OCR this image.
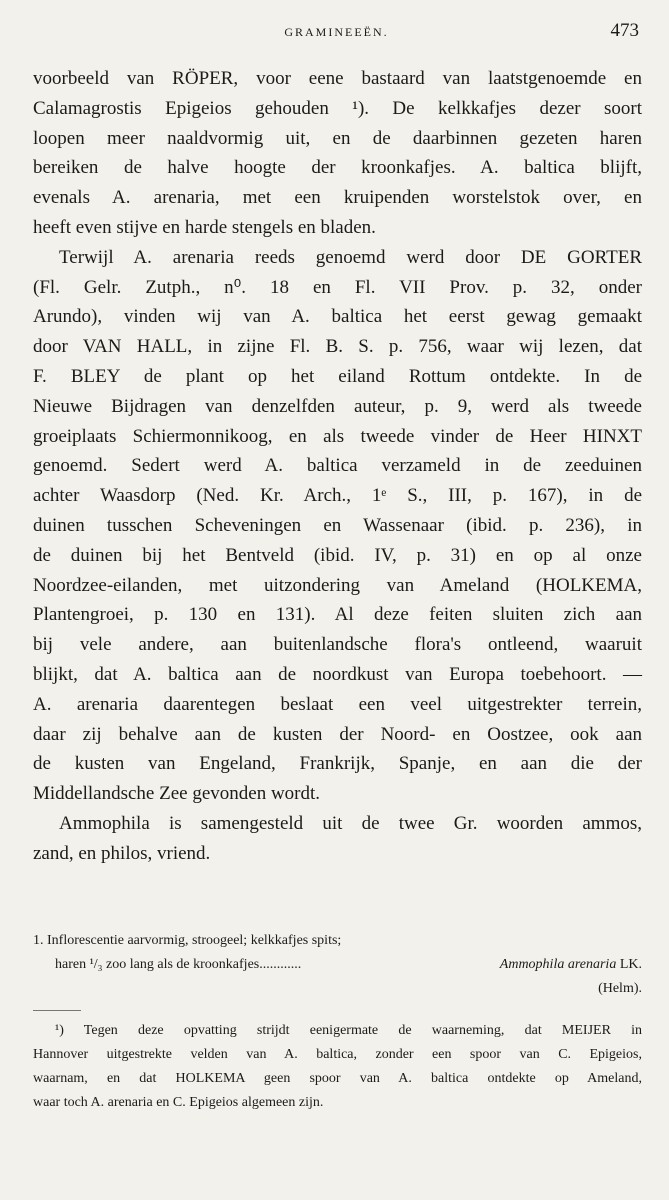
GRAMINEEËN.	473
voorbeeld van RÖPER, voor eene bastaard van laatstgenoemde en
Calamagrostis Epigeios gehouden ¹). De kelkkafjes dezer soort
loopen meer naaldvormig uit, en de daarbinnen gezeten haren
bereiken de halve hoogte der kroonkafjes. A. baltica blijft,
evenals A. arenaria, met een kruipenden worstelstok over, en
heeft even stijve en harde stengels en bladen.
Terwijl A. arenaria reeds genoemd werd door DE GORTER
(Fl. Gelr. Zutph., n⁰. 18 en Fl. VII Prov. p. 32, onder
Arundo), vinden wij van A. baltica het eerst gewag gemaakt
door VAN HALL, in zijne Fl. B. S. p. 756, waar wij lezen, dat
F. BLEY de plant op het eiland Rottum ontdekte. In de
Nieuwe Bijdragen van denzelfden auteur, p. 9, werd als tweede
groeiplaats Schiermonnikoog, en als tweede vinder de Heer HINXT
genoemd. Sedert werd A. baltica verzameld in de zeeduinen
achter Waasdorp (Ned. Kr. Arch., 1ᵉ S., III, p. 167), in de
duinen tusschen Scheveningen en Wassenaar (ibid. p. 236), in
de duinen bij het Bentveld (ibid. IV, p. 31) en op al onze
Noordzee-eilanden, met uitzondering van Ameland (HOLKEMA,
Plantengroei, p. 130 en 131). Al deze feiten sluiten zich aan
bij vele andere, aan buitenlandsche flora's ontleend, waaruit
blijkt, dat A. baltica aan de noordkust van Europa toebehoort. —
A. arenaria daarentegen beslaat een veel uitgestrekter terrein,
daar zij behalve aan de kusten der Noord- en Oostzee, ook aan
de kusten van Engeland, Frankrijk, Spanje, en aan die der
Middellandsche Zee gevonden wordt.
Ammophila is samengesteld uit de twee Gr. woorden ammos,
zand, en philos, vriend.
1. Inflorescentie aarvormig, stroogeel; kelkkafjes spits;
haren ¹/₃ zoo lang als de kroonkafjes............	Ammophila arenaria LK.
(Helm).
¹) Tegen deze opvatting strijdt eenigermate de waarneming, dat MEIJER in
Hannover uitgestrekte velden van A. baltica, zonder een spoor van C. Epigeios,
waarnam, en dat HOLKEMA geen spoor van A. baltica ontdekte op Ameland,
waar toch A. arenaria en C. Epigeios algemeen zijn.
